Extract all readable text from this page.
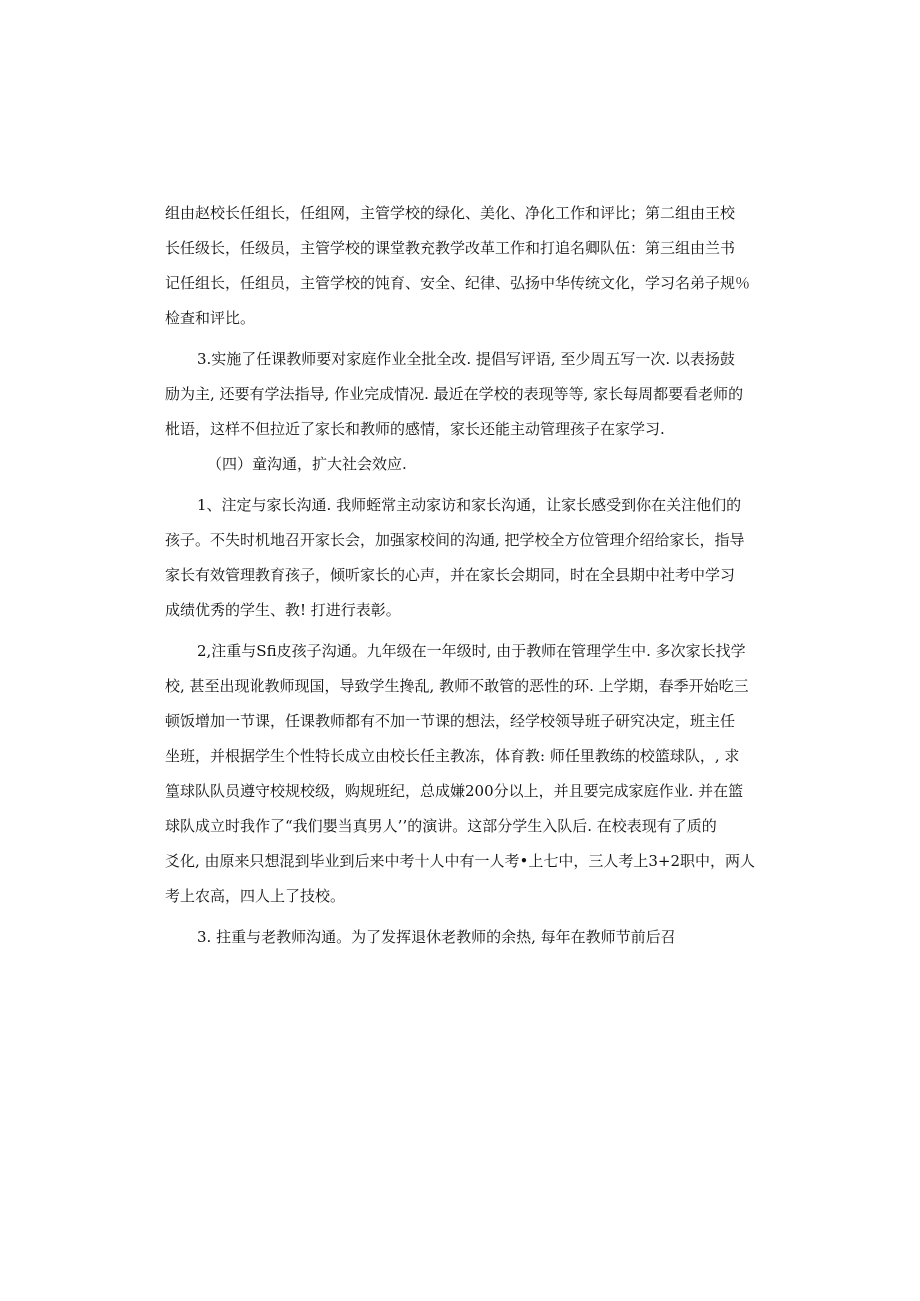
组由赵校长任组长，任组网，主管学校的绿化、美化、净化工作和评比；第二组由王校
长任级长，任级员，主管学校的课堂教充教学改革工作和打追名卿队伍：第三组由兰书
记任组长，任组员，主管学校的饨育、安全、纪律、弘扬中华传统文化，学习名弟子规％
检查和评比。
3.实施了任课教师要对家庭作业全批全改. 提倡写评语, 至少周五写一次. 以表扬鼓
励为主, 还要有学法指导, 作业完成情况. 最近在学校的表现等等, 家长每周都要看老师的
枇语，这样不但拉近了家长和教师的感情，家长还能主动管理孩子在家学习.
（四）童沟通，扩大社会效应.
1、注定与家长沟通. 我师蛭常主动家访和家长沟通，让家长感受到你在关注他们的
孩子。不失时机地召开家长会，加强家校间的沟通, 把学校全方位管理介绍给家长，指导
家长有效管理教育孩子，倾听家长的心声，并在家长会期同，时在全县期中社考中学习
成绩优秀的学生、教! 打进行表彰。
2,注重与Sfi皮孩子沟通。九年级在一年级时, 由于教师在管理学生中. 多次家长找学
校, 甚至出现讹教师现国，导致学生搀乱, 教师不敢管的恶性的环. 上学期，春季开始吃三
顿饭增加一节课，任课教师都有不加一节课的想法，经学校领导班子研究决定，班主任
坐班，并根据学生个性特长成立由校长任主教冻，体育教: 师任里教练的校篮球队，, 求
篁球队队员遵守校规校级，购规班纪，总成嫌200分以上，并且要完成家庭作业. 并在篮
球队成立时我作了“我们嬰当真男人’’的演讲。这部分学生入队后. 在校表现有了质的
爻化, 由原来只想混到毕业到后来中考十人中有一人考•上七中，三人考上3+2职中，两人
考上农高，四人上了技校。
3. 拄重与老教师沟通。为了发挥退休老教师的余热, 每年在教师节前后召
